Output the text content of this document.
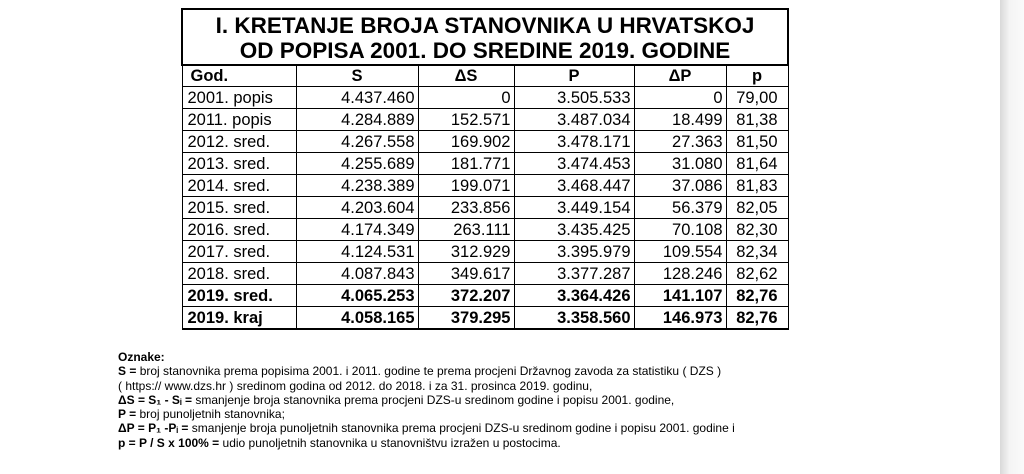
I. KRETANJE BROJA STANOVNIKA U HRVATSKOJ
OD POPISA 2001. DO SREDINE 2019. GODINE					
God.	S	ΔS	P	ΔP	p
2001. popis	4.437.460	0	3.505.533	0	79,00
2011. popis	4.284.889	152.571	3.487.034	18.499	81,38
2012. sred.	4.267.558	169.902	3.478.171	27.363	81,50
2013. sred.	4.255.689	181.771	3.474.453	31.080	81,64
2014. sred.	4.238.389	199.071	3.468.447	37.086	81,83
2015. sred.	4.203.604	233.856	3.449.154	56.379	82,05
2016. sred.	4.174.349	263.111	3.435.425	70.108	82,30
2017. sred.	4.124.531	312.929	3.395.979	109.554	82,34
2018. sred.	4.087.843	349.617	3.377.287	128.246	82,62
2019. sred.	4.065.253	372.207	3.364.426	141.107	82,76
2019. kraj	4.058.165	379.295	3.358.560	146.973	82,76
Oznake:
S = broj stanovnika prema popisima 2001. i 2011. godine te prema procjeni Državnog zavoda za statistiku ( DZS )
( https:// www.dzs.hr ) sredinom godina od 2012. do 2018. i za 31. prosinca 2019. godinu,
ΔS = S₁ - Sᵢ = smanjenje broja stanovnika prema procjeni DZS-u sredinom godine i popisu 2001. godine,
P = broj punoljetnih stanovnika;
ΔP = P₁ -Pᵢ = smanjenje broja punoljetnih stanovnika prema procjeni DZS-u sredinom godine i popisu 2001. godine i
p = P / S x 100% = udio punoljetnih stanovnika u stanovništvu izražen u postocima.
